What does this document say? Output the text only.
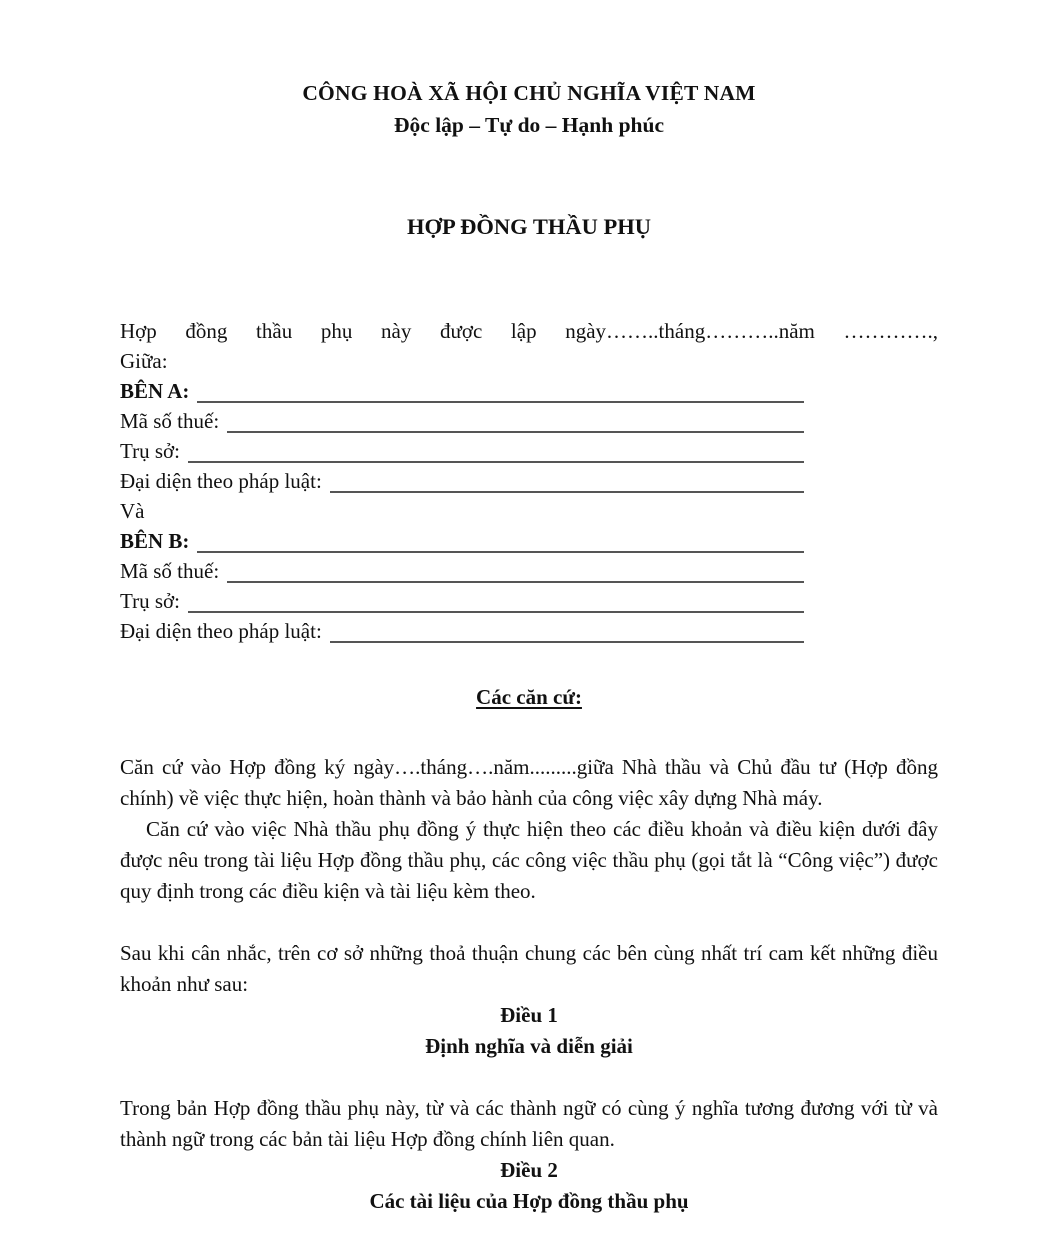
CÔNG HOÀ XÃ HỘI CHỦ NGHĨA VIỆT NAM
Độc lập – Tự do – Hạnh phúc
HỢP ĐỒNG THẦU PHỤ

Hợp đồng thầu phụ này được lập ngày……..tháng………..năm ………….,

Giữa:
BÊN A:
Mã số thuế:
Trụ sở:
Đại diện theo pháp luật:
Và
BÊN B:
Mã số thuế:
Trụ sở:
Đại diện theo pháp luật:
Các căn cứ:

Căn cứ vào Hợp đồng ký ngày….tháng….năm.........giữa Nhà thầu và Chủ đầu tư (Hợp đồng chính) về việc thực hiện, hoàn thành và bảo hành của công việc xây dựng Nhà máy.

Căn cứ vào việc Nhà thầu phụ đồng ý thực hiện theo các điều khoản và điều kiện dưới đây được nêu trong tài liệu Hợp đồng thầu phụ, các công việc thầu phụ (gọi tắt là “Công việc”) được quy định trong các điều kiện và tài liệu kèm theo.

Sau khi cân nhắc, trên cơ sở những thoả thuận chung các bên cùng nhất trí cam kết những điều khoản như sau:

Điều 1
Định nghĩa và diễn giải

Trong bản Hợp đồng thầu phụ này, từ và các thành ngữ có cùng ý nghĩa tương đương với từ và thành ngữ trong các bản tài liệu Hợp đồng chính liên quan.

Điều 2
Các tài liệu của Hợp đồng thầu phụ
